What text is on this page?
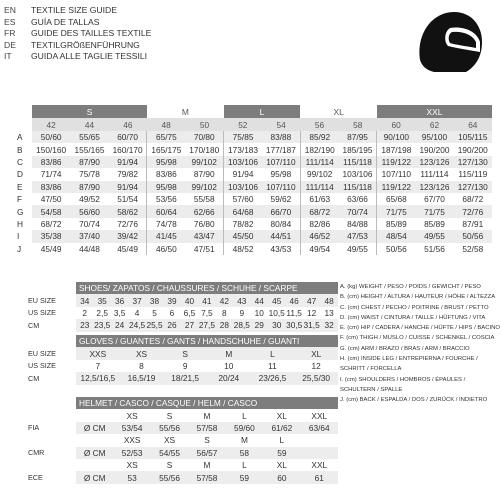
EN TEXTILE SIZE GUIDE
ES GUÍA DE TALLAS
FR GUIDE DES TAILLES TEXTILE
DE TEXTILGRÖßENFÜHRUNG
IT GUIDA ALLE TAGLIE TESSILI
	S			M		L		XL		XXL		
	42	44	46	48	50	52	54	56	58	60	62	64
A	50/60	55/65	60/70	65/75	70/80	75/85	83/88	85/92	87/95	90/100	95/100	105/115
B	150/160	155/165	160/170	165/175	170/180	173/183	177/187	182/190	185/195	187/198	190/200	190/200
C	83/86	87/90	91/94	95/98	99/102	103/106	107/110	111/114	115/118	119/122	123/126	127/130
D	71/74	75/78	79/82	83/86	87/90	91/94	95/98	99/102	103/106	107/110	111/114	115/119
E	83/86	87/90	91/94	95/98	99/102	103/106	107/110	111/114	115/118	119/122	123/126	127/130
F	47/50	49/52	51/54	53/56	55/58	57/60	59/62	61/63	63/66	65/68	67/70	68/72
G	54/58	56/60	58/62	60/64	62/66	64/68	66/70	68/72	70/74	71/75	71/75	72/76
H	68/72	70/74	72/76	74/78	76/80	78/82	80/84	82/86	84/88	85/89	85/89	87/91
I	35/38	37/40	39/42	41/45	43/47	45/50	44/51	46/52	47/53	48/54	49/55	50/56
J	45/49	44/48	45/49	46/50	47/51	48/52	43/53	49/54	49/55	50/56	51/56	52/58
	SHOES/ ZAPATOS / CHAUSSURES / SCHUHE / SCARPE														
EU SIZE	34	35	36	37	38	39	40	41	42	43	44	45	46	47	48
US SIZE	2	2,5	3,5	4	5	6	6,5	7,5	8	9	10	10,5	11,5	12	13
CM	23	23,5	24	24,5	25,5	26	27	27,5	28	28,5	29	30	30,5	31,5	32
	GLOVES / GUANTES / GANTS / HANDSCHUHE / GUANTI					
EU SIZE	XXS	XS	S	M	L	XL
US SIZE	7	8	9	10	11	12
CM	12,5/16,5	16,5/19	18/21,5	20/24	23/26,5	25,5/30
	HELMET / CASCO / CASQUE / HELM / CASCO						
		XS	S	M	L	XL	XXL
FIA	Ø CM	53/54	55/56	57/58	59/60	61/62	63/64
		XXS	XS	S	M	L	
CMR	Ø CM	52/53	54/55	56/57	58	59	
		XS	S	M	L	XL	XXL
ECE	Ø CM	53	55/56	57/58	59	60	61
A. (kg) WEIGHT / PESO / POIDS / GEWICHT / PESO
B. (cm) HEIGHT / ALTURA / HAUTEUR / HÖHE / ALTEZZA
C. (cm) CHEST / PECHO / POITRINE / BRUST / PETTO
D. (cm) WAIST / CINTURA / TAILLE / HÜFTUNG / VITA
E. (cm) HIP / CADERA / HANCHE / HÜFTE / HIPS / BACINO
F. (cm) THIGH / MUSLO / CUISSE / SCHENKEL / COSCIA
G. (cm) ARM / BRAZO / BRAS / ARM / BRACCIO
H. (cm) INSIDE LEG / ENTREPIERNA / FOURCHE /
SCHRITT / FORCELLA
I. (cm) SHOULDERS / HOMBROS / ÉPAULES /
SCHULTERN / SPALLE
J. (cm) BACK / ESPALDA / DOS / ZURÜCK / INDIETRO
